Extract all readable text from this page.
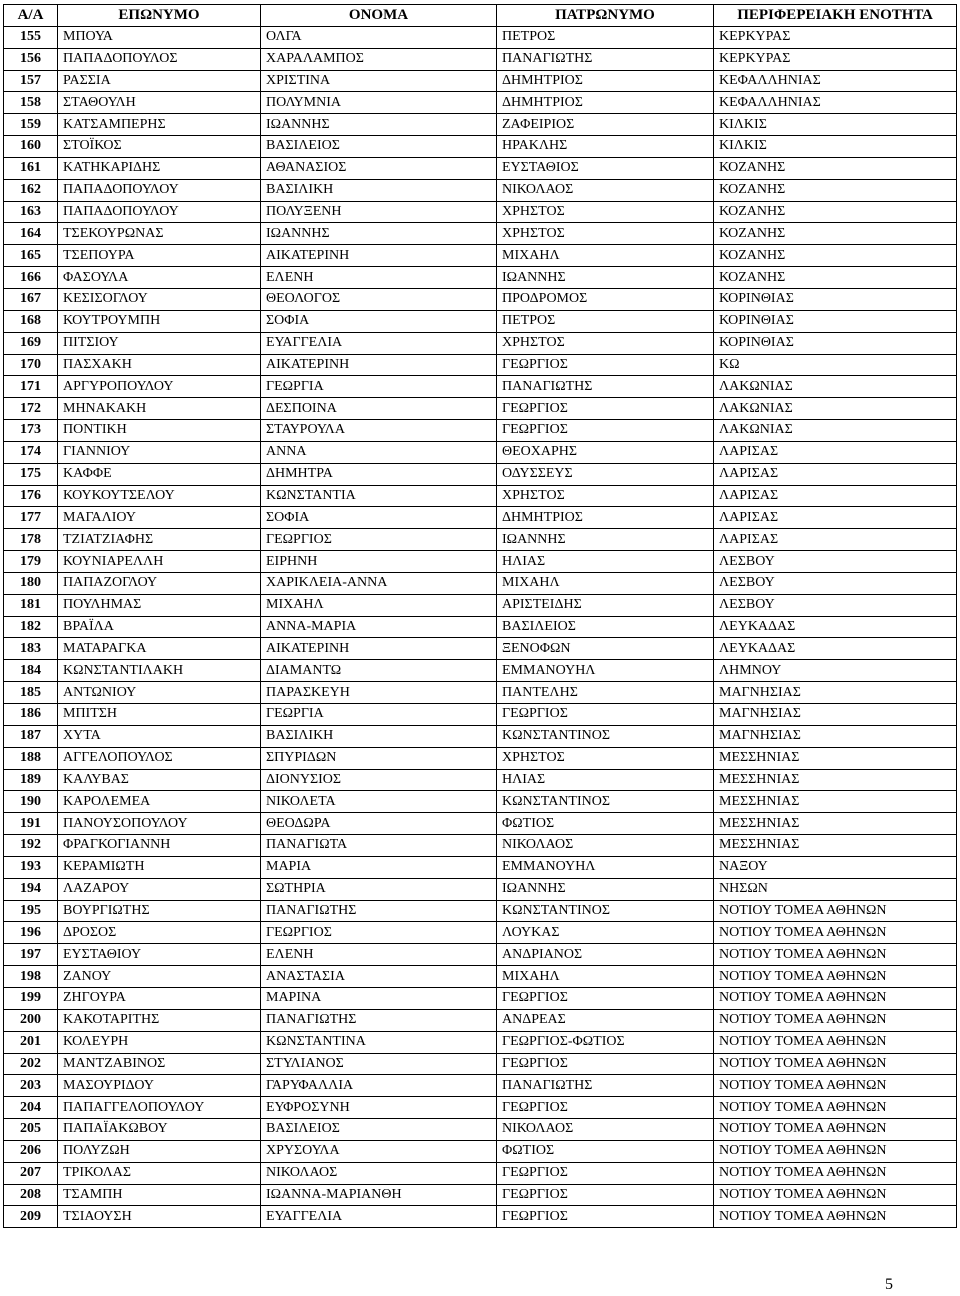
Α/Α	ΕΠΩΝΥΜΟ	ΟΝΟΜΑ	ΠΑΤΡΩΝΥΜΟ	ΠΕΡΙΦΕΡΕΙΑΚΗ ΕΝΟΤΗΤΑ
155	ΜΠΟΥΑ	ΟΛΓΑ	ΠΕΤΡΟΣ	ΚΕΡΚΥΡΑΣ
156	ΠΑΠΑΔΟΠΟΥΛΟΣ	ΧΑΡΑΛΑΜΠΟΣ	ΠΑΝΑΓΙΩΤΗΣ	ΚΕΡΚΥΡΑΣ
157	ΡΑΣΣΙΑ	ΧΡΙΣΤΙΝΑ	ΔΗΜΗΤΡΙΟΣ	ΚΕΦΑΛΛΗΝΙΑΣ
158	ΣΤΑΘΟΥΛΗ	ΠΟΛΥΜΝΙΑ	ΔΗΜΗΤΡΙΟΣ	ΚΕΦΑΛΛΗΝΙΑΣ
159	ΚΑΤΣΑΜΠΕΡΗΣ	ΙΩΑΝΝΗΣ	ΖΑΦΕΙΡΙΟΣ	ΚΙΛΚΙΣ
160	ΣΤΟΪΚΟΣ	ΒΑΣΙΛΕΙΟΣ	ΗΡΑΚΛΗΣ	ΚΙΛΚΙΣ
161	ΚΑΤΗΚΑΡΙΔΗΣ	ΑΘΑΝΑΣΙΟΣ	ΕΥΣΤΑΘΙΟΣ	ΚΟΖΑΝΗΣ
162	ΠΑΠΑΔΟΠΟΥΛΟΥ	ΒΑΣΙΛΙΚΗ	ΝΙΚΟΛΑΟΣ	ΚΟΖΑΝΗΣ
163	ΠΑΠΑΔΟΠΟΥΛΟΥ	ΠΟΛΥΞΕΝΗ	ΧΡΗΣΤΟΣ	ΚΟΖΑΝΗΣ
164	ΤΣΕΚΟΥΡΩΝΑΣ	ΙΩΑΝΝΗΣ	ΧΡΗΣΤΟΣ	ΚΟΖΑΝΗΣ
165	ΤΣΕΠΟΥΡΑ	ΑΙΚΑΤΕΡΙΝΗ	ΜΙΧΑΗΛ	ΚΟΖΑΝΗΣ
166	ΦΑΣΟΥΛΑ	ΕΛΕΝΗ	ΙΩΑΝΝΗΣ	ΚΟΖΑΝΗΣ
167	ΚΕΣΙΣΟΓΛΟΥ	ΘΕΟΛΟΓΟΣ	ΠΡΟΔΡΟΜΟΣ	ΚΟΡΙΝΘΙΑΣ
168	ΚΟΥΤΡΟΥΜΠΗ	ΣΟΦΙΑ	ΠΕΤΡΟΣ	ΚΟΡΙΝΘΙΑΣ
169	ΠΙΤΣΙΟΥ	ΕΥΑΓΓΕΛΙΑ	ΧΡΗΣΤΟΣ	ΚΟΡΙΝΘΙΑΣ
170	ΠΑΣΧΑΚΗ	ΑΙΚΑΤΕΡΙΝΗ	ΓΕΩΡΓΙΟΣ	ΚΩ
171	ΑΡΓΥΡΟΠΟΥΛΟΥ	ΓΕΩΡΓΙΑ	ΠΑΝΑΓΙΩΤΗΣ	ΛΑΚΩΝΙΑΣ
172	ΜΗΝΑΚΑΚΗ	ΔΕΣΠΟΙΝΑ	ΓΕΩΡΓΙΟΣ	ΛΑΚΩΝΙΑΣ
173	ΠΟΝΤΙΚΗ	ΣΤΑΥΡΟΥΛΑ	ΓΕΩΡΓΙΟΣ	ΛΑΚΩΝΙΑΣ
174	ΓΙΑΝΝΙΟΥ	ΑΝΝΑ	ΘΕΟΧΑΡΗΣ	ΛΑΡΙΣΑΣ
175	ΚΑΦΦΕ	ΔΗΜΗΤΡΑ	ΟΔΥΣΣΕΥΣ	ΛΑΡΙΣΑΣ
176	ΚΟΥΚΟΥΤΣΕΛΟΥ	ΚΩΝΣΤΑΝΤΙΑ	ΧΡΗΣΤΟΣ	ΛΑΡΙΣΑΣ
177	ΜΑΓΑΛΙΟΥ	ΣΟΦΙΑ	ΔΗΜΗΤΡΙΟΣ	ΛΑΡΙΣΑΣ
178	ΤΖΙΑΤΖΙΑΦΗΣ	ΓΕΩΡΓΙΟΣ	ΙΩΑΝΝΗΣ	ΛΑΡΙΣΑΣ
179	ΚΟΥΝΙΑΡΕΛΛΗ	ΕΙΡΗΝΗ	ΗΛΙΑΣ	ΛΕΣΒΟΥ
180	ΠΑΠΑΖΟΓΛΟΥ	ΧΑΡΙΚΛΕΙΑ-ΑΝΝΑ	ΜΙΧΑΗΛ	ΛΕΣΒΟΥ
181	ΠΟΥΛΗΜΑΣ	ΜΙΧΑΗΛ	ΑΡΙΣΤΕΙΔΗΣ	ΛΕΣΒΟΥ
182	ΒΡΑΪΛΑ	ΑΝΝΑ-ΜΑΡΙΑ	ΒΑΣΙΛΕΙΟΣ	ΛΕΥΚΑΔΑΣ
183	ΜΑΤΑΡΑΓΚΑ	ΑΙΚΑΤΕΡΙΝΗ	ΞΕΝΟΦΩΝ	ΛΕΥΚΑΔΑΣ
184	ΚΩΝΣΤΑΝΤΙΛΑΚΗ	ΔΙΑΜΑΝΤΩ	ΕΜΜΑΝΟΥΗΛ	ΛΗΜΝΟΥ
185	ΑΝΤΩΝΙΟΥ	ΠΑΡΑΣΚΕΥΗ	ΠΑΝΤΕΛΗΣ	ΜΑΓΝΗΣΙΑΣ
186	ΜΠΙΤΣΗ	ΓΕΩΡΓΙΑ	ΓΕΩΡΓΙΟΣ	ΜΑΓΝΗΣΙΑΣ
187	ΧΥΤΑ	ΒΑΣΙΛΙΚΗ	ΚΩΝΣΤΑΝΤΙΝΟΣ	ΜΑΓΝΗΣΙΑΣ
188	ΑΓΓΕΛΟΠΟΥΛΟΣ	ΣΠΥΡΙΔΩΝ	ΧΡΗΣΤΟΣ	ΜΕΣΣΗΝΙΑΣ
189	ΚΑΛΥΒΑΣ	ΔΙΟΝΥΣΙΟΣ	ΗΛΙΑΣ	ΜΕΣΣΗΝΙΑΣ
190	ΚΑΡΟΛΕΜΕΑ	ΝΙΚΟΛΕΤΑ	ΚΩΝΣΤΑΝΤΙΝΟΣ	ΜΕΣΣΗΝΙΑΣ
191	ΠΑΝΟΥΣΟΠΟΥΛΟΥ	ΘΕΟΔΩΡΑ	ΦΩΤΙΟΣ	ΜΕΣΣΗΝΙΑΣ
192	ΦΡΑΓΚΟΓΙΑΝΝΗ	ΠΑΝΑΓΙΩΤΑ	ΝΙΚΟΛΑΟΣ	ΜΕΣΣΗΝΙΑΣ
193	ΚΕΡΑΜΙΩΤΗ	ΜΑΡΙΑ	ΕΜΜΑΝΟΥΗΛ	ΝΑΞΟΥ
194	ΛΑΖΑΡΟΥ	ΣΩΤΗΡΙΑ	ΙΩΑΝΝΗΣ	ΝΗΣΩΝ
195	ΒΟΥΡΓΙΩΤΗΣ	ΠΑΝΑΓΙΩΤΗΣ	ΚΩΝΣΤΑΝΤΙΝΟΣ	ΝΟΤΙΟΥ ΤΟΜΕΑ ΑΘΗΝΩΝ
196	ΔΡΟΣΟΣ	ΓΕΩΡΓΙΟΣ	ΛΟΥΚΑΣ	ΝΟΤΙΟΥ ΤΟΜΕΑ ΑΘΗΝΩΝ
197	ΕΥΣΤΑΘΙΟΥ	ΕΛΕΝΗ	ΑΝΔΡΙΑΝΟΣ	ΝΟΤΙΟΥ ΤΟΜΕΑ ΑΘΗΝΩΝ
198	ΖΑΝΟΥ	ΑΝΑΣΤΑΣΙΑ	ΜΙΧΑΗΛ	ΝΟΤΙΟΥ ΤΟΜΕΑ ΑΘΗΝΩΝ
199	ΖΗΓΟΥΡΑ	ΜΑΡΙΝΑ	ΓΕΩΡΓΙΟΣ	ΝΟΤΙΟΥ ΤΟΜΕΑ ΑΘΗΝΩΝ
200	ΚΑΚΟΤΑΡΙΤΗΣ	ΠΑΝΑΓΙΩΤΗΣ	ΑΝΔΡΕΑΣ	ΝΟΤΙΟΥ ΤΟΜΕΑ ΑΘΗΝΩΝ
201	ΚΟΛΕΥΡΗ	ΚΩΝΣΤΑΝΤΙΝΑ	ΓΕΩΡΓΙΟΣ-ΦΩΤΙΟΣ	ΝΟΤΙΟΥ ΤΟΜΕΑ ΑΘΗΝΩΝ
202	ΜΑΝΤΖΑΒΙΝΟΣ	ΣΤΥΛΙΑΝΟΣ	ΓΕΩΡΓΙΟΣ	ΝΟΤΙΟΥ ΤΟΜΕΑ ΑΘΗΝΩΝ
203	ΜΑΣΟΥΡΙΔΟΥ	ΓΑΡΥΦΑΛΛΙΑ	ΠΑΝΑΓΙΩΤΗΣ	ΝΟΤΙΟΥ ΤΟΜΕΑ ΑΘΗΝΩΝ
204	ΠΑΠΑΓΓΕΛΟΠΟΥΛΟΥ	ΕΥΦΡΟΣΥΝΗ	ΓΕΩΡΓΙΟΣ	ΝΟΤΙΟΥ ΤΟΜΕΑ ΑΘΗΝΩΝ
205	ΠΑΠΑΪΑΚΩΒΟΥ	ΒΑΣΙΛΕΙΟΣ	ΝΙΚΟΛΑΟΣ	ΝΟΤΙΟΥ ΤΟΜΕΑ ΑΘΗΝΩΝ
206	ΠΟΛΥΖΩΗ	ΧΡΥΣΟΥΛΑ	ΦΩΤΙΟΣ	ΝΟΤΙΟΥ ΤΟΜΕΑ ΑΘΗΝΩΝ
207	ΤΡΙΚΟΛΑΣ	ΝΙΚΟΛΑΟΣ	ΓΕΩΡΓΙΟΣ	ΝΟΤΙΟΥ ΤΟΜΕΑ ΑΘΗΝΩΝ
208	ΤΣΑΜΠΗ	ΙΩΑΝΝΑ-ΜΑΡΙΑΝΘΗ	ΓΕΩΡΓΙΟΣ	ΝΟΤΙΟΥ ΤΟΜΕΑ ΑΘΗΝΩΝ
209	ΤΣΙΑΟΥΣΗ	ΕΥΑΓΓΕΛΙΑ	ΓΕΩΡΓΙΟΣ	ΝΟΤΙΟΥ ΤΟΜΕΑ ΑΘΗΝΩΝ
5
